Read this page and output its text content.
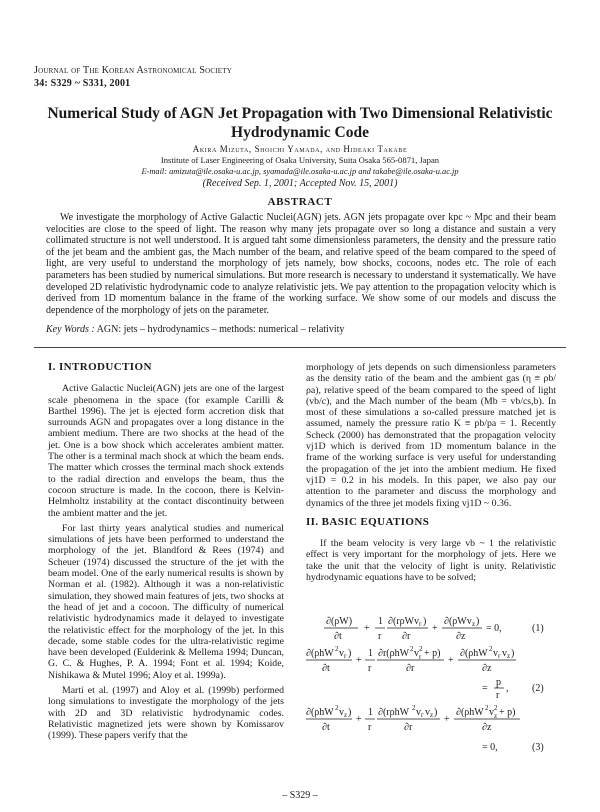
Journal of The Korean Astronomical Society
34: S329 ~ S331, 2001
Numerical Study of AGN Jet Propagation with Two Dimensional Relativistic Hydrodynamic Code
Akira Mizuta, Shoichi Yamada, and Hideaki Takabe
Institute of Laser Engineering of Osaka University, Suita Osaka 565-0871, Japan
E-mail: amizuta@ile.osaka-u.ac.jp, syamada@ile.osaka-u.ac.jp and takabe@ile.osaka-u.ac.jp
(Received Sep. 1, 2001; Accepted Nov. 15, 2001)
ABSTRACT

We investigate the morphology of Active Galactic Nuclei(AGN) jets. AGN jets propagate over kpc ~ Mpc and their beam velocities are close to the speed of light. The reason why many jets propagate over so long a distance and sustain a very collimated structure is not well understood. It is argued taht some dimensionless parameters, the density and the pressure ratio of the jet beam and the ambient gas, the Mach number of the beam, and relative speed of the beam compared to the speed of light, are very useful to understand the morphology of jets namely, bow shocks, cocoons, nodes etc. The role of each parameters has been studied by numerical simulations. But more research is necessary to understand it systematically. We have developed 2D relativistic hydrodynamic code to analyze relativistic jets. We pay attention to the propagation velocity which is derived from 1D momentum balance in the frame of the working surface. We show some of our models and discuss the dependence of the morphology of jets on the parameter.

Key Words : AGN: jets – hydrodynamics – methods: numerical – relativity

I. INTRODUCTION

Active Galactic Nuclei(AGN) jets are one of the largest scale phenomena in the space (for example Carilli & Barthel 1996). The jet is ejected form accretion disk that surrounds AGN and propagates over a long distance in the ambient medium. There are two shocks at the head of the jet. One is a bow shock which accelerates ambient matter. The other is a terminal mach shock at which the beam ends. The matter which crosses the terminal mach shock extends to the radial direction and envelops the beam, thus the cocoon structure is made. In the cocoon, there is Kelvin-Helmholtz instability at the contact discontinuity between the ambient matter and the jet.

For last thirty years analytical studies and numerical simulations of jets have been performed to understand the morphology of the jet. Blandford & Rees (1974) and Scheuer (1974) discussed the structure of the jet with the beam model. One of the early numerical results is shown by Norman et al. (1982). Although it was a non-relativistic simulation, they showed main features of jets, two shocks at the head of jet and a cocoon. The difficulty of numerical relativistic hydrodynamics made it delayed to investigate the relativistic effect for the morphology of the jet. In this decade, some stable codes for the ultra-relativistic regime have been developed (Eulderink & Mellema 1994; Duncan, G. C. & Hughes, P. A. 1994; Font et al. 1994; Koide, Nishikawa & Mutel 1996; Aloy et al. 1999a).

Martí et al. (1997) and Aloy et al. (1999b) performed long simulations to investigate the morphology of the jets with 2D and 3D relativistic hydrodynamic codes. Relativistic magnetized jets were shown by Komissarov (1999). These papers verify that the

morphology of jets depends on such dimensionless parameters as the density ratio of the beam and the ambient gas (η ≡ ρb/ρa), relative speed of the beam compared to the speed of light (vb/c), and the Mach number of the beam (Mb = vb/cs,b). In most of these simulations a so-called pressure matched jet is assumed, namely the pressure ratio K ≡ pb/pa = 1. Recently Scheck (2000) has demonstrated that the propagation velocity vj1D which is derived from 1D momentum balance in the frame of the working surface is very useful for understanding the propagation of the jet into the ambient medium. He fixed vj1D = 0.2 in his models. In this paper, we also pay our attention to the parameter and discuss the morphology and dynamics of the three jet models fixing vj1D ~ 0.36.

II. BASIC EQUATIONS

If the beam velocity is very large vb ~ 1 the relativistic effect is very important for the morphology of jets. Here we take the unit that the velocity of light is unity. Relativistic hydrodynamic equations have to be solved;

∂(ρW)
∂t
+
1
r
∂(rρWv r )
∂r
+
∂(ρWv z )
∂z
= 0,	(1)
∂(ρhW 2 v r )
∂t
+
1
r
∂r(ρhW 2 v 2
r + p)
∂r
+
∂(ρhW 2 v r v z )
∂z
=
p
r
, (2)
∂(ρhW 2 v z )
∂t
+
1
r
∂(rρhW 2 v r v z )
∂r
+
∂(ρhW 2 v 2
z + p)
∂z
= 0,	(3)
– S329 –
